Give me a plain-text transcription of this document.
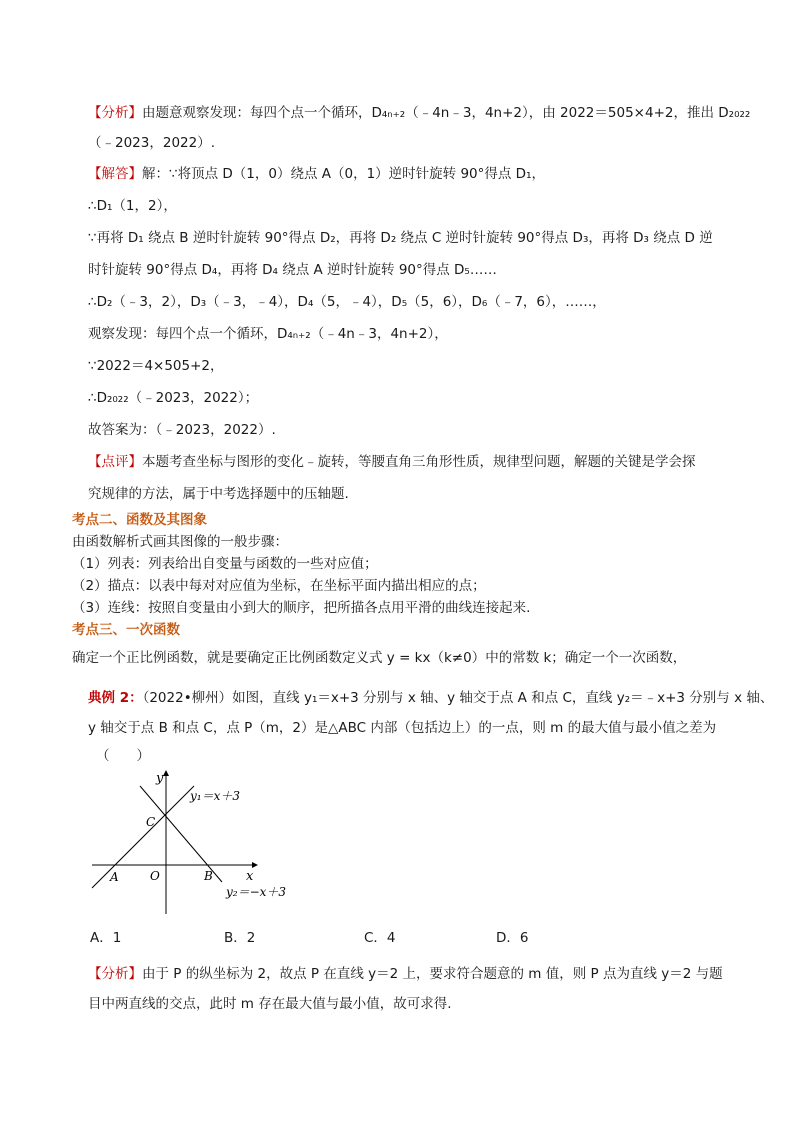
【分析】由题意观察发现：每四个点一个循环，D₄ₙ₊₂（﹣4n﹣3，4n+2），由 2022＝505×4+2，推出 D₂₀₂₂
（﹣2023，2022）.
【解答】解：∵将顶点 D（1，0）绕点 A（0，1）逆时针旋转 90°得点 D₁，
∴D₁（1，2），
∵再将 D₁ 绕点 B 逆时针旋转 90°得点 D₂，再将 D₂ 绕点 C 逆时针旋转 90°得点 D₃，再将 D₃ 绕点 D 逆
时针旋转 90°得点 D₄，再将 D₄ 绕点 A 逆时针旋转 90°得点 D₅……
∴D₂（﹣3，2），D₃（﹣3，﹣4），D₄（5，﹣4），D₅（5，6），D₆（﹣7，6），……，
观察发现：每四个点一个循环，D₄ₙ₊₂（﹣4n﹣3，4n+2），
∵2022＝4×505+2，
∴D₂₀₂₂（﹣2023，2022）；
故答案为：（﹣2023，2022）.
【点评】本题考查坐标与图形的变化﹣旋转，等腰直角三角形性质，规律型问题，解题的关键是学会探
究规律的方法，属于中考选择题中的压轴题.
考点二、函数及其图象
由函数解析式画其图像的一般步骤：
（1）列表：列表给出自变量与函数的一些对应值；
（2）描点：以表中每对对应值为坐标，在坐标平面内描出相应的点；
（3）连线：按照自变量由小到大的顺序，把所描各点用平滑的曲线连接起来.
考点三、一次函数
确定一个正比例函数，就是要确定正比例函数定义式 y = kx（k≠0）中的常数 k；确定一个一次函数，
典例 2：（2022•柳州）如图，直线 y₁＝x+3 分别与 x 轴、y 轴交于点 A 和点 C，直线 y₂＝﹣x+3 分别与 x 轴、
y 轴交于点 B 和点 C，点 P（m，2）是△ABC 内部（包括边上）的一点，则 m 的最大值与最小值之差为
（　　）
y
x
C
A	O	B
y₁＝x＋3
y₂＝−x＋3
A．1	B．2	C．4	D．6
【分析】由于 P 的纵坐标为 2，故点 P 在直线 y＝2 上，要求符合题意的 m 值，则 P 点为直线 y＝2 与题
目中两直线的交点，此时 m 存在最大值与最小值，故可求得.
